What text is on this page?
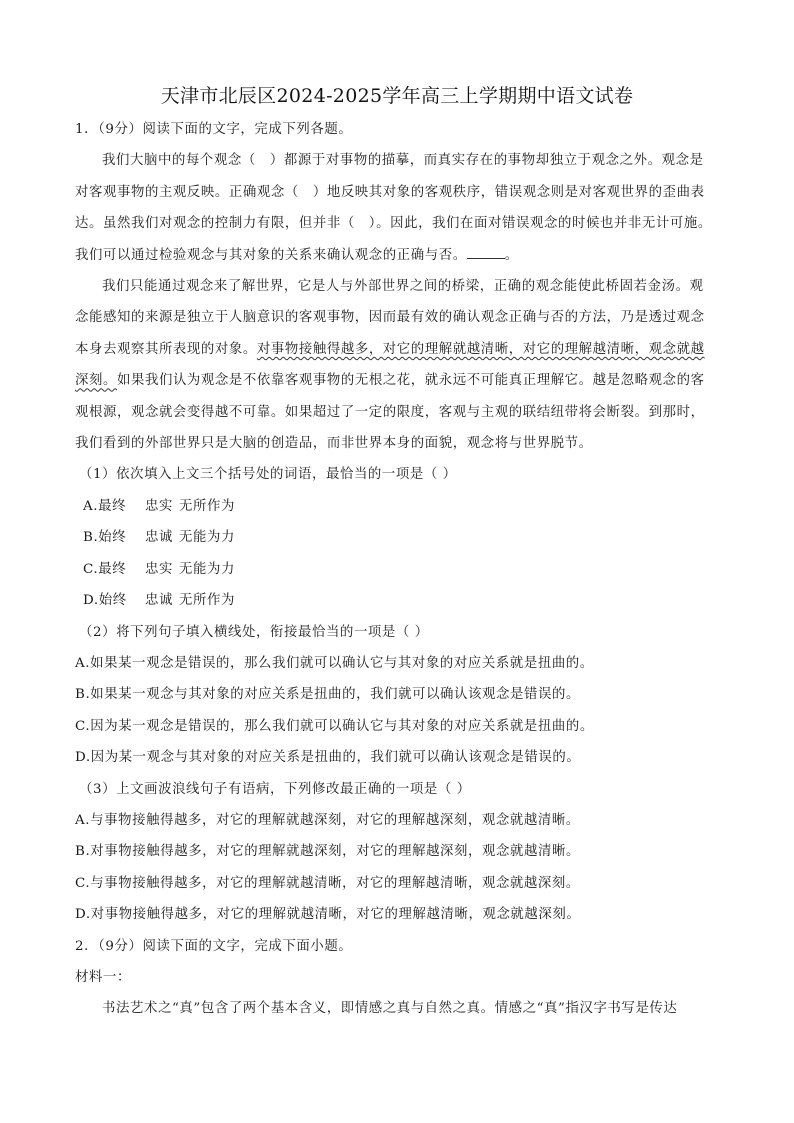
天津市北辰区2024-2025学年高三上学期期中语文试卷
1．（9分）阅读下面的文字，完成下列各题。
我们大脑中的每个观念（　）都源于对事物的描摹，而真实存在的事物却独立于观念之外。观念是
对客观事物的主观反映。正确观念（　）地反映其对象的客观秩序，错误观念则是对客观世界的歪曲表
达。虽然我们对观念的控制力有限，但并非（　）。因此，我们在面对错误观念的时候也并非无计可施。
我们可以通过检验观念与其对象的关系来确认观念的正确与否。	。
我们只能通过观念来了解世界，它是人与外部世界之间的桥梁，正确的观念能使此桥固若金汤。观
念能感知的来源是独立于人脑意识的客观事物，因而最有效的确认观念正确与否的方法，乃是透过观念
本身去观察其所表现的对象。对事物接触得越多，对它的理解就越清晰，对它的理解越清晰，观念就越
深刻。如果我们认为观念是不依靠客观事物的无根之花，就永远不可能真正理解它。越是忽略观念的客
观根源，观念就会变得越不可靠。如果超过了一定的限度，客观与主观的联结纽带将会断裂。到那时，
我们看到的外部世界只是大脑的创造品，而非世界本身的面貌，观念将与世界脱节。
（1）依次填入上文三个括号处的词语，最恰当的一项是（ ）
A.最终 忠实 无所作为
B.始终 忠诚 无能为力
C.最终 忠实 无能为力
D.始终 忠诚 无所作为
（2）将下列句子填入横线处，衔接最恰当的一项是（ ）
A.如果某一观念是错误的，那么我们就可以确认它与其对象的对应关系就是扭曲的。
B.如果某一观念与其对象的对应关系是扭曲的，我们就可以确认该观念是错误的。
C.因为某一观念是错误的，那么我们就可以确认它与其对象的对应关系就是扭曲的。
D.因为某一观念与其对象的对应关系是扭曲的，我们就可以确认该观念是错误的。
（3）上文画波浪线句子有语病，下列修改最正确的一项是（ ）
A.与事物接触得越多，对它的理解就越深刻，对它的理解越深刻，观念就越清晰。
B.对事物接触得越多，对它的理解就越深刻，对它的理解越深刻，观念就越清晰。
C.与事物接触得越多，对它的理解就越清晰，对它的理解越清晰，观念就越深刻。
D.对事物接触得越多，对它的理解就越清晰，对它的理解越清晰，观念就越深刻。
2．（9分）阅读下面的文字，完成下面小题。
材料一：
书法艺术之“真”包含了两个基本含义，即情感之真与自然之真。情感之“真”指汉字书写是传达
